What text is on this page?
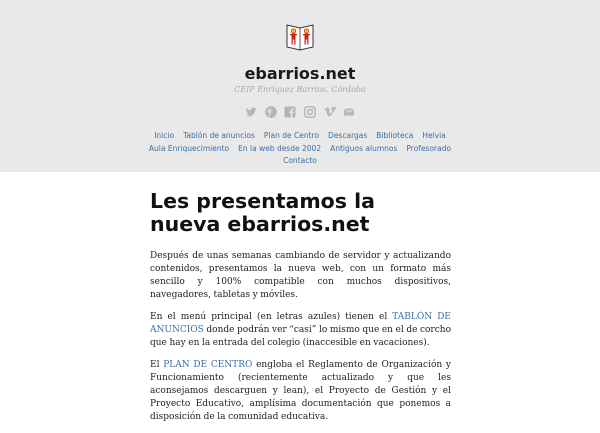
ebarrios.net
CEIP Enríquez Barrios. Córdoba
Inicio Tablón de anuncios Plan de Centro Descargas Biblioteca Helvia
Aula Enriquecimiento En la web desde 2002 Antiguos alumnos Profesorado
Contacto
Les presentamos la nueva ebarrios.net

Después de unas semanas cambiando de servidor y actualizando contenidos, presentamos la nueva web, con un formato más sencillo y 100% compatible con muchos dispositivos, navegadores, tabletas y móviles.

En el menú principal (en letras azules) tienen el TABLÓN DE ANUNCIOS donde podrán ver “casi” lo mismo que en el de corcho que hay en la entrada del colegio (inaccesible en vacaciones).

El PLAN DE CENTRO engloba el Reglamento de Organización y Funcionamiento (recientemente actualizado y que les aconsejamos descarguen y lean), el Proyecto de Gestión y el Proyecto Educativo, amplísima documentación que ponemos a disposición de la comunidad educativa.
